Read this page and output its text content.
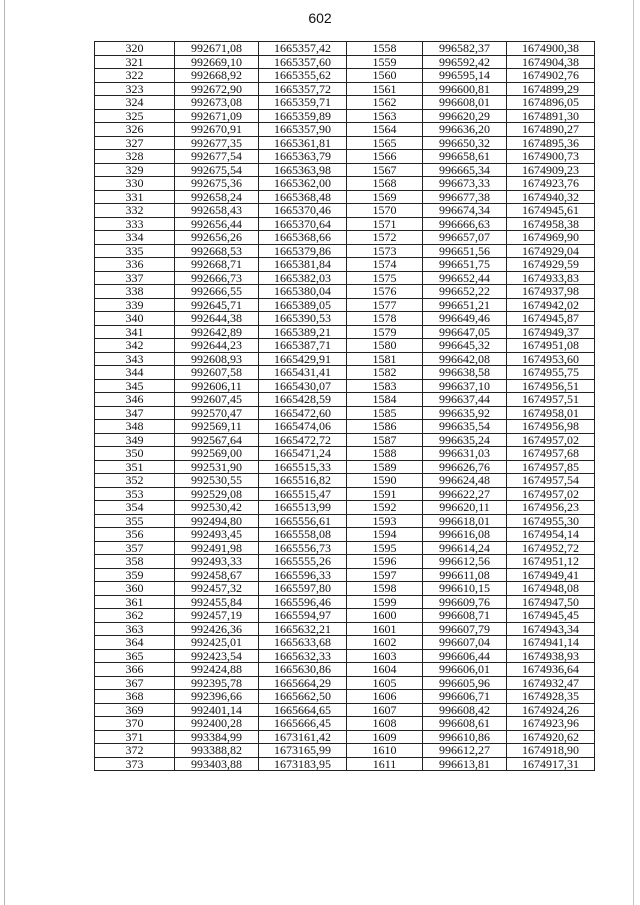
602
320	992671,08	1665357,42	1558	996582,37	1674900,38
321	992669,10	1665357,60	1559	996592,42	1674904,38
322	992668,92	1665355,62	1560	996595,14	1674902,76
323	992672,90	1665357,72	1561	996600,81	1674899,29
324	992673,08	1665359,71	1562	996608,01	1674896,05
325	992671,09	1665359,89	1563	996620,29	1674891,30
326	992670,91	1665357,90	1564	996636,20	1674890,27
327	992677,35	1665361,81	1565	996650,32	1674895,36
328	992677,54	1665363,79	1566	996658,61	1674900,73
329	992675,54	1665363,98	1567	996665,34	1674909,23
330	992675,36	1665362,00	1568	996673,33	1674923,76
331	992658,24	1665368,48	1569	996677,38	1674940,32
332	992658,43	1665370,46	1570	996674,34	1674945,61
333	992656,44	1665370,64	1571	996666,63	1674958,38
334	992656,26	1665368,66	1572	996657,07	1674969,90
335	992668,53	1665379,86	1573	996651,56	1674929,04
336	992668,71	1665381,84	1574	996651,75	1674929,59
337	992666,73	1665382,03	1575	996652,44	1674933,83
338	992666,55	1665380,04	1576	996652,22	1674937,98
339	992645,71	1665389,05	1577	996651,21	1674942,02
340	992644,38	1665390,53	1578	996649,46	1674945,87
341	992642,89	1665389,21	1579	996647,05	1674949,37
342	992644,23	1665387,71	1580	996645,32	1674951,08
343	992608,93	1665429,91	1581	996642,08	1674953,60
344	992607,58	1665431,41	1582	996638,58	1674955,75
345	992606,11	1665430,07	1583	996637,10	1674956,51
346	992607,45	1665428,59	1584	996637,44	1674957,51
347	992570,47	1665472,60	1585	996635,92	1674958,01
348	992569,11	1665474,06	1586	996635,54	1674956,98
349	992567,64	1665472,72	1587	996635,24	1674957,02
350	992569,00	1665471,24	1588	996631,03	1674957,68
351	992531,90	1665515,33	1589	996626,76	1674957,85
352	992530,55	1665516,82	1590	996624,48	1674957,54
353	992529,08	1665515,47	1591	996622,27	1674957,02
354	992530,42	1665513,99	1592	996620,11	1674956,23
355	992494,80	1665556,61	1593	996618,01	1674955,30
356	992493,45	1665558,08	1594	996616,08	1674954,14
357	992491,98	1665556,73	1595	996614,24	1674952,72
358	992493,33	1665555,26	1596	996612,56	1674951,12
359	992458,67	1665596,33	1597	996611,08	1674949,41
360	992457,32	1665597,80	1598	996610,15	1674948,08
361	992455,84	1665596,46	1599	996609,76	1674947,50
362	992457,19	1665594,97	1600	996608,71	1674945,45
363	992426,36	1665632,21	1601	996607,79	1674943,34
364	992425,01	1665633,68	1602	996607,04	1674941,14
365	992423,54	1665632,33	1603	996606,44	1674938,93
366	992424,88	1665630,86	1604	996606,01	1674936,64
367	992395,78	1665664,29	1605	996605,96	1674932,47
368	992396,66	1665662,50	1606	996606,71	1674928,35
369	992401,14	1665664,65	1607	996608,42	1674924,26
370	992400,28	1665666,45	1608	996608,61	1674923,96
371	993384,99	1673161,42	1609	996610,86	1674920,62
372	993388,82	1673165,99	1610	996612,27	1674918,90
373	993403,88	1673183,95	1611	996613,81	1674917,31
